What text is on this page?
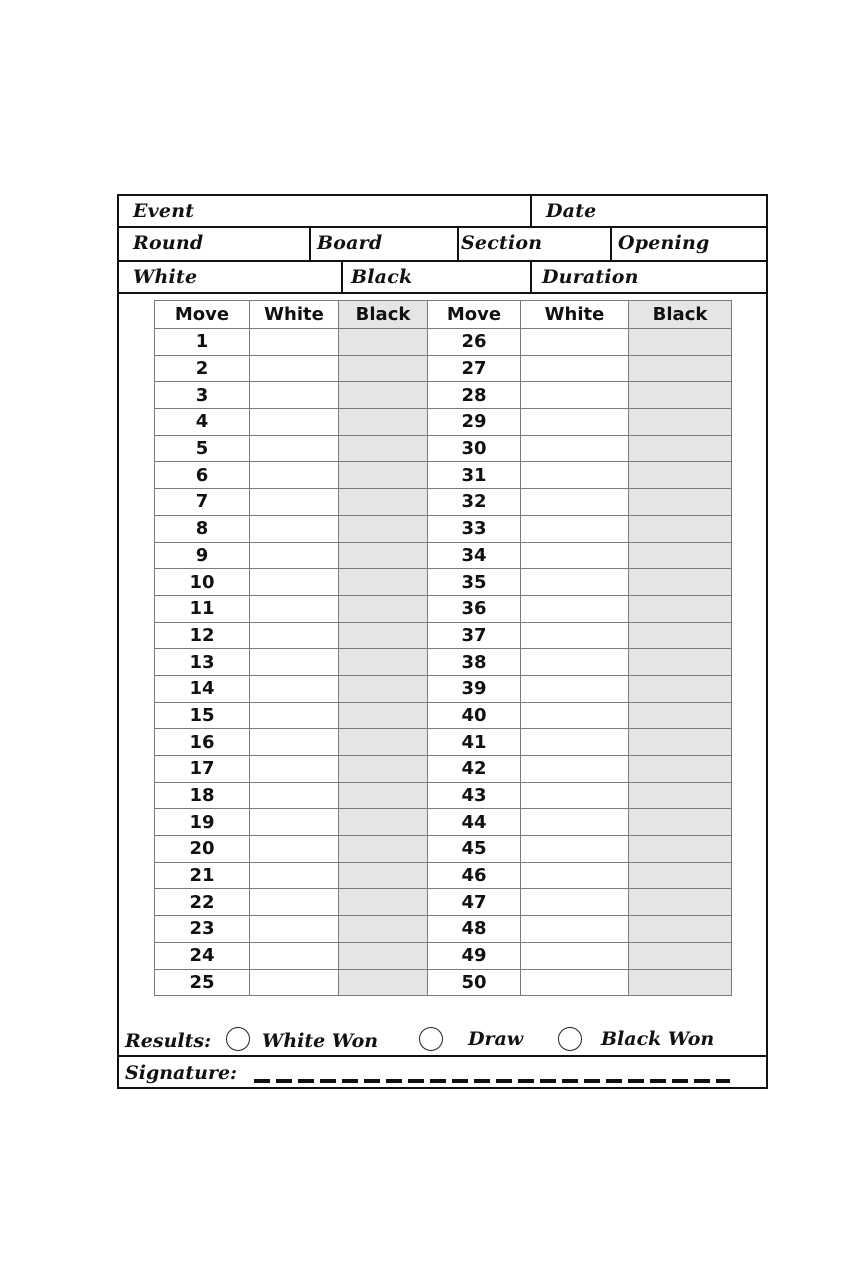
Event	Date
Round	Board	Section	Opening
White	Black	Duration
Move	White	Black	Move	White	Black
1			26		
2			27		
3			28		
4			29		
5			30		
6			31		
7			32		
8			33		
9			34		
10			35		
11			36		
12			37		
13			38		
14			39		
15			40		
16			41		
17			42		
18			43		
19			44		
20			45		
21			46		
22			47		
23			48		
24			49		
25			50		
Results:	White Won	Draw	Black Won
Signature:
